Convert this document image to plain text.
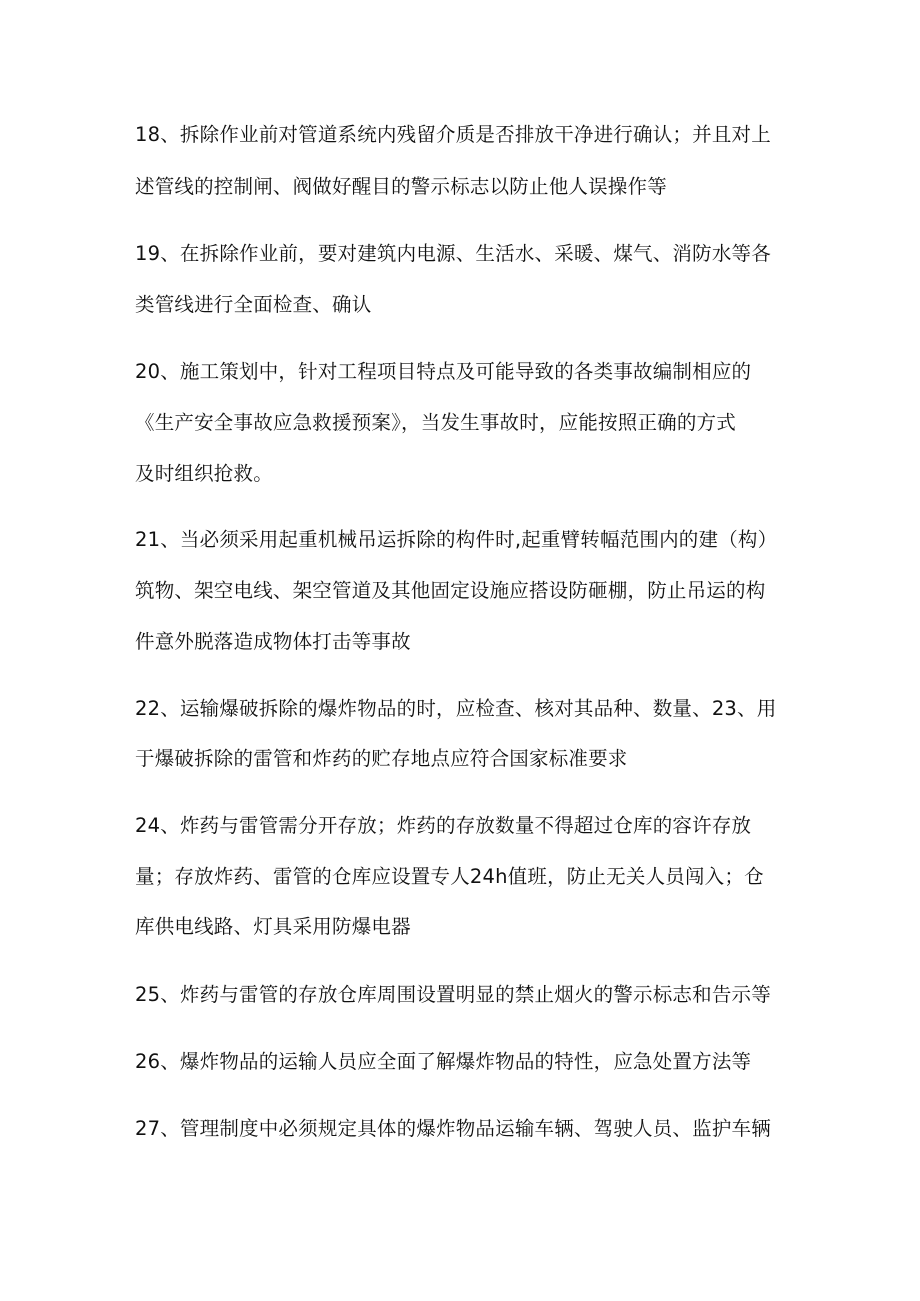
18、拆除作业前对管道系统内残留介质是否排放干净进行确认；并且对上
述管线的控制闸、阀做好醒目的警示标志以防止他人误操作等
19、在拆除作业前，要对建筑内电源、生活水、采暖、煤气、消防水等各
类管线进行全面检查、确认
20、施工策划中，针对工程项目特点及可能导致的各类事故编制相应的
《生产安全事故应急救援预案》，当发生事故时，应能按照正确的方式
及时组织抢救。
21、当必须采用起重机械吊运拆除的构件时,起重臂转幅范围内的建（构）
筑物、架空电线、架空管道及其他固定设施应搭设防砸棚，防止吊运的构
件意外脱落造成物体打击等事故
22、运输爆破拆除的爆炸物品的时，应检查、核对其品种、数量、23、用
于爆破拆除的雷管和炸药的贮存地点应符合国家标准要求
24、炸药与雷管需分开存放；炸药的存放数量不得超过仓库的容许存放
量；存放炸药、雷管的仓库应设置专人24h值班，防止无关人员闯入；仓
库供电线路、灯具采用防爆电器
25、炸药与雷管的存放仓库周围设置明显的禁止烟火的警示标志和告示等
26、爆炸物品的运输人员应全面了解爆炸物品的特性，应急处置方法等
27、管理制度中必须规定具体的爆炸物品运输车辆、驾驶人员、监护车辆
